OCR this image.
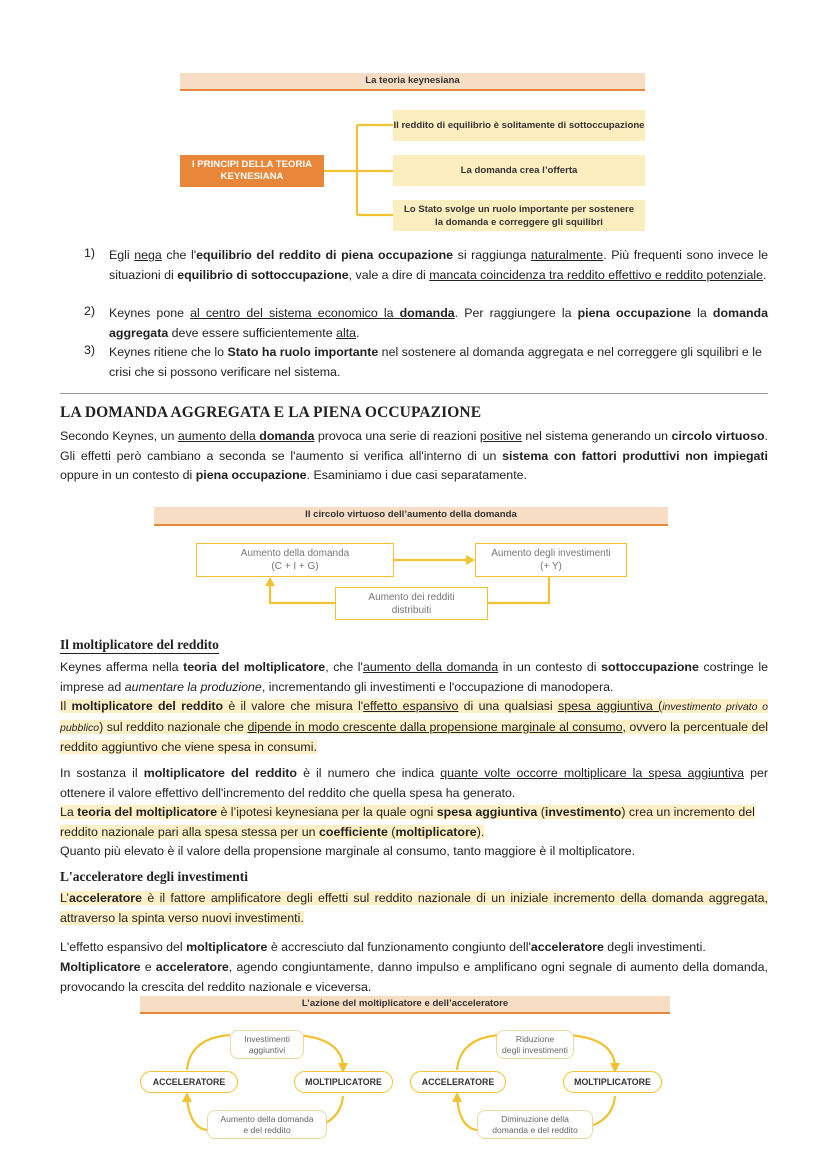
La teoria keynesiana
I PRINCIPI DELLA TEORIA KEYNESIANA
Il reddito di equilibrio è solitamente di sottoccupazione
La domanda crea l’offerta
Lo Stato svolge un ruolo importante per sostenere la domanda e correggere gli squilibri
1) Egli nega che l'equilibrio del reddito di piena occupazione si raggiunga naturalmente. Più frequenti sono invece le situazioni di equilibrio di sottoccupazione, vale a dire di mancata coincidenza tra reddito effettivo e reddito potenziale.

2) Keynes pone al centro del sistema economico la domanda. Per raggiungere la piena occupazione la domanda aggregata deve essere sufficientemente alta.

3) Keynes ritiene che lo Stato ha ruolo importante nel sostenere al domanda aggregata e nel correggere gli squilibri e le crisi che si possono verificare nel sistema.

LA DOMANDA AGGREGATA E LA PIENA OCCUPAZIONE

Secondo Keynes, un aumento della domanda provoca una serie di reazioni positive nel sistema generando un circolo virtuoso. Gli effetti però cambiano a seconda se l'aumento si verifica all'interno di un sistema con fattori produttivi non impiegati oppure in un contesto di piena occupazione. Esaminiamo i due casi separatamente.

Il circolo virtuoso dell’aumento della domanda
Aumento della domanda
(C + I + G)
Aumento degli investimenti
(+ Y)
Aumento dei redditi
distribuiti
Il moltiplicatore del reddito

Keynes afferma nella teoria del moltiplicatore, che l'aumento della domanda in un contesto di sottoccupazione costringe le imprese ad aumentare la produzione, incrementando gli investimenti e l'occupazione di manodopera.

Il moltiplicatore del reddito è il valore che misura l'effetto espansivo di una qualsiasi spesa aggiuntiva (investimento privato o pubblico) sul reddito nazionale che dipende in modo crescente dalla propensione marginale al consumo, ovvero la percentuale del reddito aggiuntivo che viene spesa in consumi.

In sostanza il moltiplicatore del reddito è il numero che indica quante volte occorre moltiplicare la spesa aggiuntiva per ottenere il valore effettivo dell'incremento del reddito che quella spesa ha generato.

La teoria del moltiplicatore è l’ipotesi keynesiana per la quale ogni spesa aggiuntiva (investimento) crea un incremento del reddito nazionale pari alla spesa stessa per un coefficiente (moltiplicatore).

Quanto più elevato è il valore della propensione marginale al consumo, tanto maggiore è il moltiplicatore.

L'acceleratore degli investimenti

L’acceleratore è il fattore amplificatore degli effetti sul reddito nazionale di un iniziale incremento della domanda aggregata, attraverso la spinta verso nuovi investimenti.

L'effetto espansivo del moltiplicatore è accresciuto dal funzionamento congiunto dell'acceleratore degli investimenti.

Moltiplicatore e acceleratore, agendo congiuntamente, danno impulso e amplificano ogni segnale di aumento della domanda, provocando la crescita del reddito nazionale e viceversa.

L’azione del moltiplicatore e dell’acceleratore
Investimenti
aggiuntivi
ACCELERATORE	MOLTIPLICATORE
Aumento della domanda
e del reddito
Riduzione
degli investimenti
ACCELERATORE	MOLTIPLICATORE
Diminuzione della
domanda e del reddito
